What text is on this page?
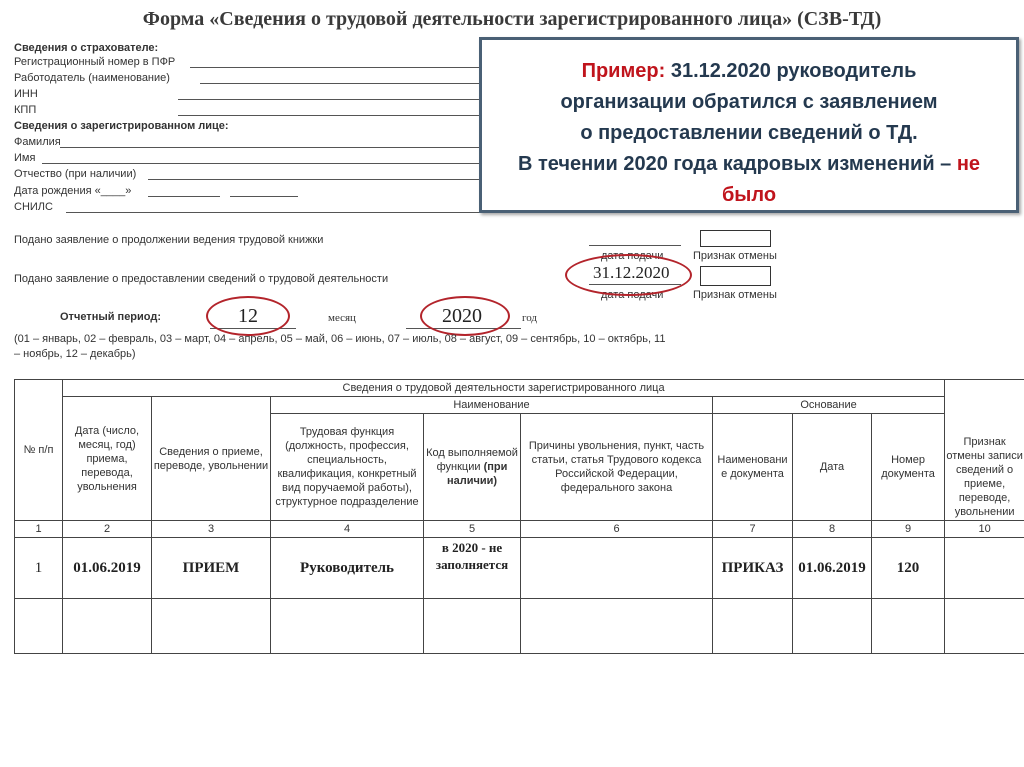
Форма «Сведения о трудовой деятельности зарегистрированного лица» (СЗВ-ТД)
Сведения о страхователе:
Регистрационный номер в ПФР
Работодатель (наименование)
ИНН
КПП
Сведения о зарегистрированном лице:
Фамилия
Имя
Отчество (при наличии)
Дата рождения «____»
СНИЛС
Пример: 31.12.2020 руководитель
организации обратился с заявлением
о предоставлении сведений о ТД.
В течении 2020 года кадровых изменений – не
было
Подано заявление о продолжении ведения трудовой книжки
дата подачи	Признак отмены
Подано заявление о предоставлении сведений о трудовой деятельности	31.12.2020
дата подачи	Признак отмены
Отчетный период:	12	месяц	2020	год
(01 – январь, 02 – февраль, 03 – март, 04 – апрель, 05 – май, 06 – июнь, 07 – июль, 08 – август, 09 – сентябрь, 10 – октябрь, 11
– ноябрь, 12 – декабрь)
№ п/п	Сведения о трудовой деятельности зарегистрированного лица								Признак отмены записи сведений о приеме, переводе, увольнении
	Дата (число, месяц, год) приема, перевода, увольнения	Сведения о приеме, переводе, увольнении	Наименование			Основание			
			Трудовая функция (должность, профессия, специальность, квалификация, конкретный вид поручаемой работы), структурное подразделение	Код выполняемой функции (при наличии)	Причины увольнения, пункт, часть статьи, статья Трудового кодекса Российской Федерации, федерального закона	Наименовани е документа	Дата	Номер документа	
1	2	3	4	5	6	7	8	9	10
1	01.06.2019	ПРИЕМ	Руководитель	в 2020 - не заполняется		ПРИКАЗ	01.06.2019	120	
